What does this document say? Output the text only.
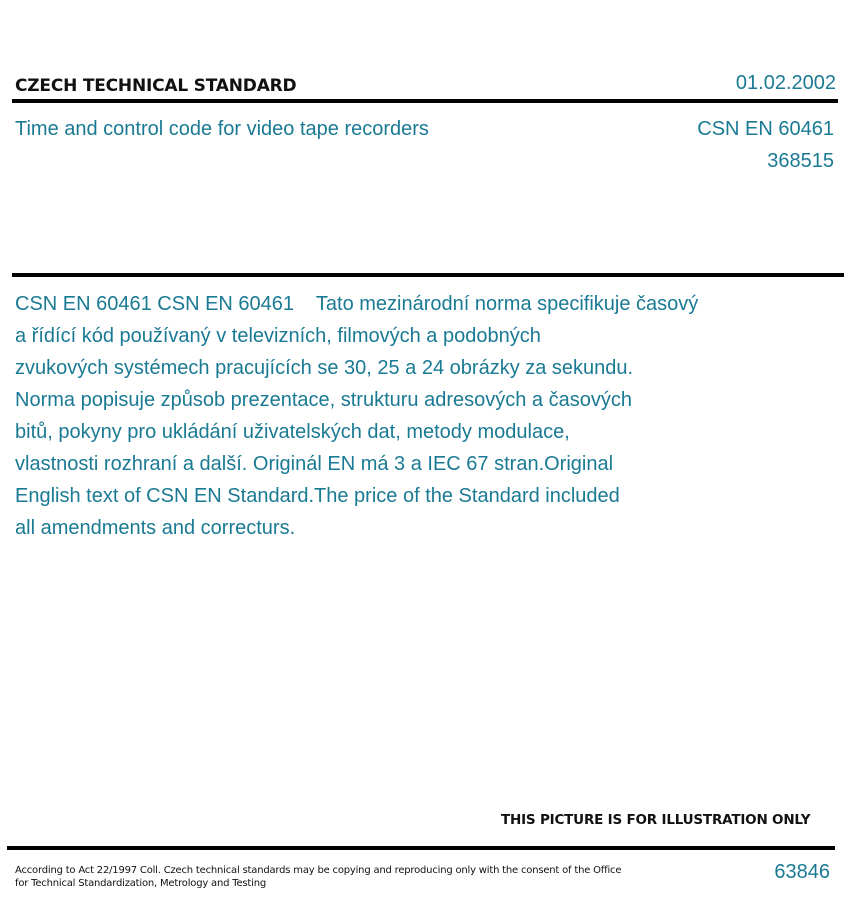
CZECH TECHNICAL STANDARD	01.02.2002
Time and control code for video tape recorders	CSN EN 60461
368515
CSN EN 60461 CSN EN 60461    Tato mezinárodní norma specifikuje časový
a řídící kód používaný v televizních, filmových a podobných
zvukových systémech pracujících se 30, 25 a 24 obrázky za sekundu.
Norma popisuje způsob prezentace, strukturu adresových a časových
bitů, pokyny pro ukládání uživatelských dat, metody modulace,
vlastnosti rozhraní a další. Originál EN má 3 a IEC 67 stran.Original
English text of CSN EN Standard.The price of the Standard included
all amendments and correcturs.
THIS PICTURE IS FOR ILLUSTRATION ONLY
According to Act 22/1997 Coll. Czech technical standards may be copying and reproducing only with the consent of the Office
for Technical Standardization, Metrology and Testing
63846
